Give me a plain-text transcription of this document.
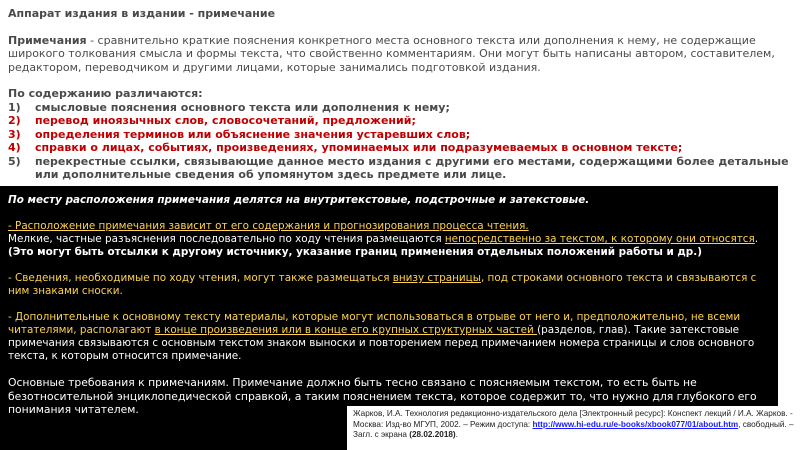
Аппарат издания в издании - примечание
Примечания - сравнительно краткие пояснения конкретного места основного текста или дополнения к нему, не содержащие широкого толкования смысла и формы текста, что свойственно комментариям. Они могут быть написаны автором, составителем, редактором, переводчиком и другими лицами, которые занимались подготовкой издания.
По содержанию различаются:
1)	смысловые пояснения основного текста или дополнения к нему;
2)	перевод иноязычных слов, словосочетаний, предложений;
3)	определения терминов или объяснение значения устаревших слов;
4)	справки о лицах, событиях, произведениях, упоминаемых или подразумеваемых в основном тексте;
5)	перекрестные ссылки, связывающие данное место издания с другими его местами, содержащими более детальные или дополнительные сведения об упомянутом здесь предмете или лице.
По месту расположения примечания делятся на внутритекстовые, подстрочные и затекстовые.
- Расположение примечания зависит от его содержания и прогнозирования процесса чтения.
Мелкие, частные разъяснения последовательно по ходу чтения размещаются непосредственно за текстом, к которому они относятся.
(Это могут быть отсылки к другому источнику, указание границ применения отдельных положений работы и др.)
- Сведения, необходимые по ходу чтения, могут также размещаться внизу страницы, под строками основного текста и связываются с ним знаками сноски.
- Дополнительные к основному тексту материалы, которые могут использоваться в отрыве от него и, предположительно, не всеми читателями, располагают в конце произведения или в конце его крупных структурных частей (разделов, глав). Такие затекстовые примечания связываются с основным текстом знаком выноски и повторением перед примечанием номера страницы и слов основного текста, к которым относится примечание.
Основные требования к примечаниям. Примечание должно быть тесно связано с поясняемым текстом, то есть быть не безотносительной энциклопедической справкой, а таким пояснением текста, которое содержит то, что нужно для глубокого его понимания читателем.	Жарков, И.А. Технология редакционно-издательского дела [Электронный ресурс]: Конспект лекций / И.А. Жарков. - Москва: Изд-во МГУП, 2002. – Режим доступа: http://www.hi-edu.ru/e-books/xbook077/01/about.htm, свободный. – Загл. с экрана (28.02.2018).
